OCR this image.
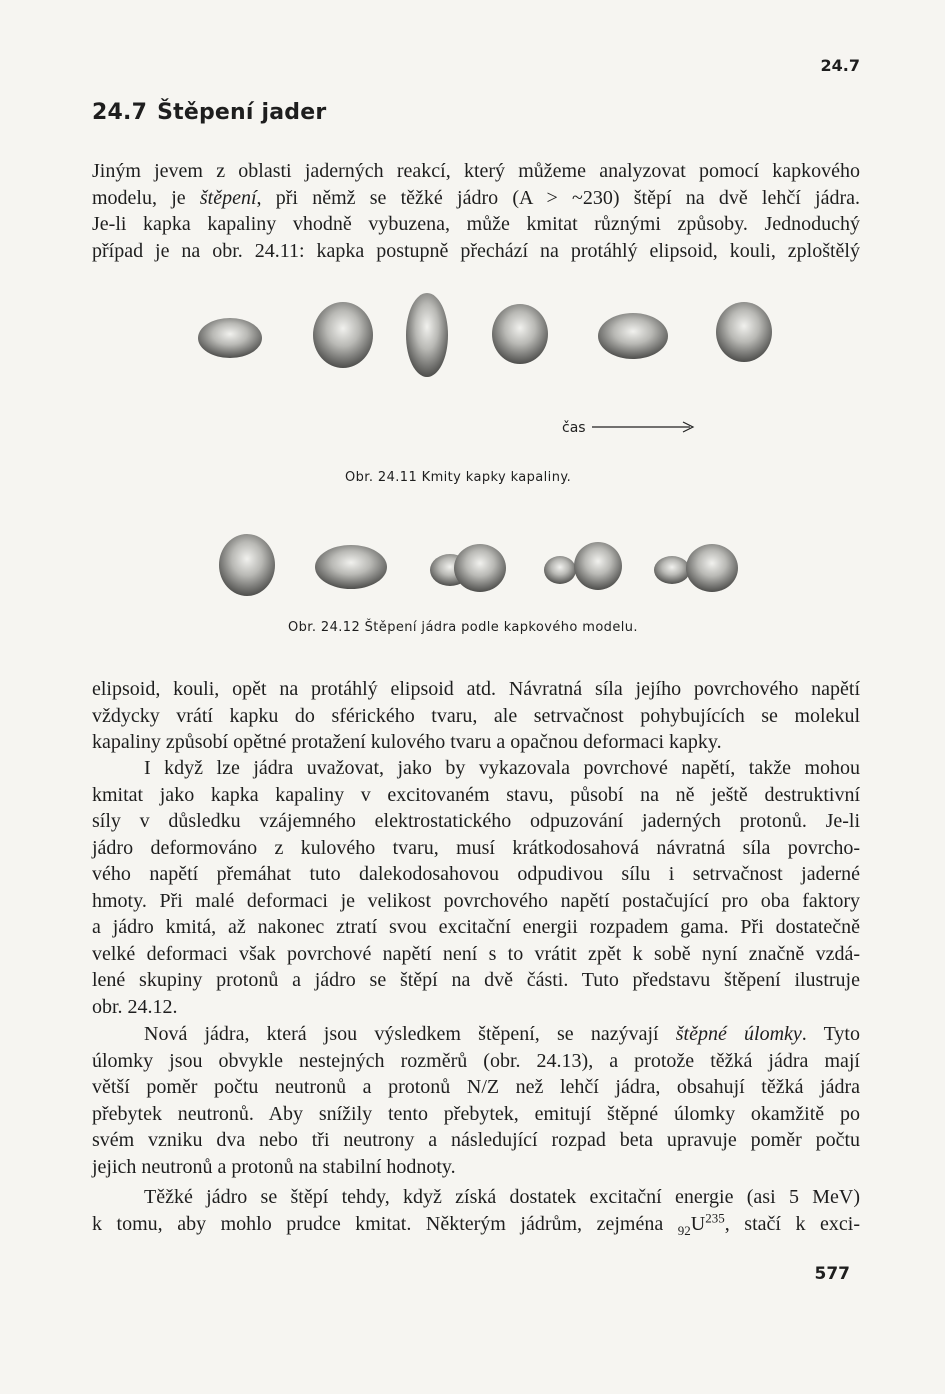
24.7
24.7 Štěpení jader

Jiným jevem z oblasti jaderných reakcí, který můžeme analyzovat pomocí kapkového
modelu, je štěpení, při němž se těžké jádro (A > ~230) štěpí na dvě lehčí jádra.
Je-li kapka kapaliny vhodně vybuzena, může kmitat různými způsoby. Jednoduchý
případ je na obr. 24.11: kapka postupně přechází na protáhlý elipsoid, kouli, zploštělý

čas
Obr. 24.11 Kmity kapky kapaliny.
Obr. 24.12 Štěpení jádra podle kapkového modelu.

elipsoid, kouli, opět na protáhlý elipsoid atd. Návratná síla jejího povrchového napětí
vždycky vrátí kapku do sférického tvaru, ale setrvačnost pohybujících se molekul
kapaliny způsobí opětné protažení kulového tvaru a opačnou deformaci kapky.

I když lze jádra uvažovat, jako by vykazovala povrchové napětí, takže mohou
kmitat jako kapka kapaliny v excitovaném stavu, působí na ně ještě destruktivní
síly v důsledku vzájemného elektrostatického odpuzování jaderných protonů. Je-li
jádro deformováno z kulového tvaru, musí krátkodosahová návratná síla povrcho-
vého napětí přemáhat tuto dalekodosahovou odpudivou sílu i setrvačnost jaderné
hmoty. Při malé deformaci je velikost povrchového napětí postačující pro oba faktory
a jádro kmitá, až nakonec ztratí svou excitační energii rozpadem gama. Při dostatečně
velké deformaci však povrchové napětí není s to vrátit zpět k sobě nyní značně vzdá-
lené skupiny protonů a jádro se štěpí na dvě části. Tuto představu štěpení ilustruje
obr. 24.12.

Nová jádra, která jsou výsledkem štěpení, se nazývají štěpné úlomky. Tyto
úlomky jsou obvykle nestejných rozměrů (obr. 24.13), a protože těžká jádra mají
větší poměr počtu neutronů a protonů N/Z než lehčí jádra, obsahují těžká jádra
přebytek neutronů. Aby snížily tento přebytek, emitují štěpné úlomky okamžitě po
svém vzniku dva nebo tři neutrony a následující rozpad beta upravuje poměr počtu
jejich neutronů a protonů na stabilní hodnoty.

Těžké jádro se štěpí tehdy, když získá dostatek excitační energie (asi 5 MeV)
k tomu, aby mohlo prudce kmitat. Některým jádrům, zejména $_{92}U^{235}$, stačí k exci-

577
